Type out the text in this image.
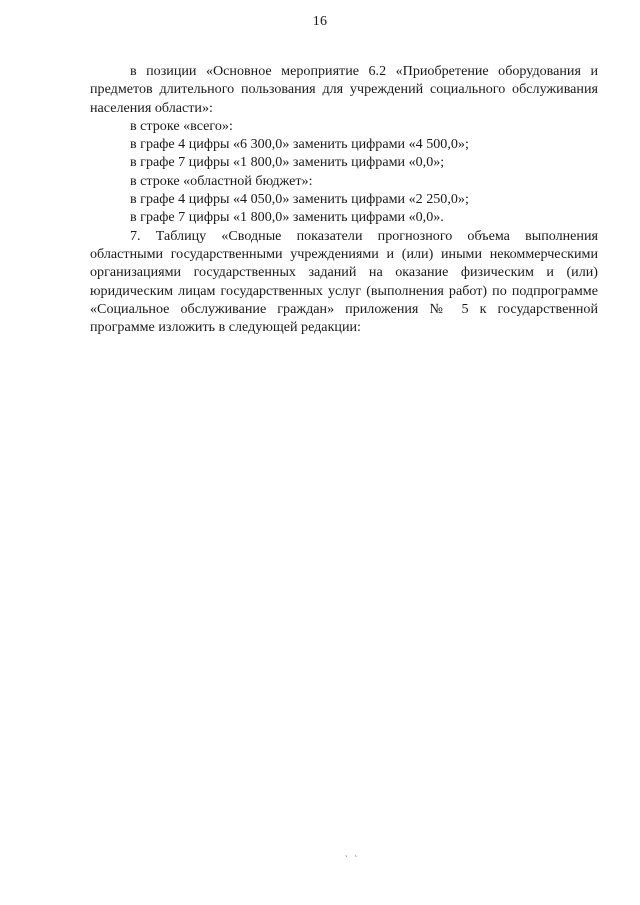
16

в позиции «Основное мероприятие 6.2 «Приобретение оборудования и предметов длительного пользования для учреждений социального обслуживания населения области»:

в строке «всего»:

в графе 4 цифры «6 300,0» заменить цифрами «4 500,0»;

в графе 7 цифры «1 800,0» заменить цифрами «0,0»;

в строке «областной бюджет»:

в графе 4 цифры «4 050,0» заменить цифрами «2 250,0»;

в графе 7 цифры «1 800,0» заменить цифрами «0,0».

7. Таблицу «Сводные показатели прогнозного объема выполнения областными государственными учреждениями и (или) иными некоммерческими организациями государственных заданий на оказание физическим и (или) юридическим лицам государственных услуг (выполнения работ) по подпрограмме «Социальное обслуживание граждан» приложения № 5 к государственной программе изложить в следующей редакции:

` `
